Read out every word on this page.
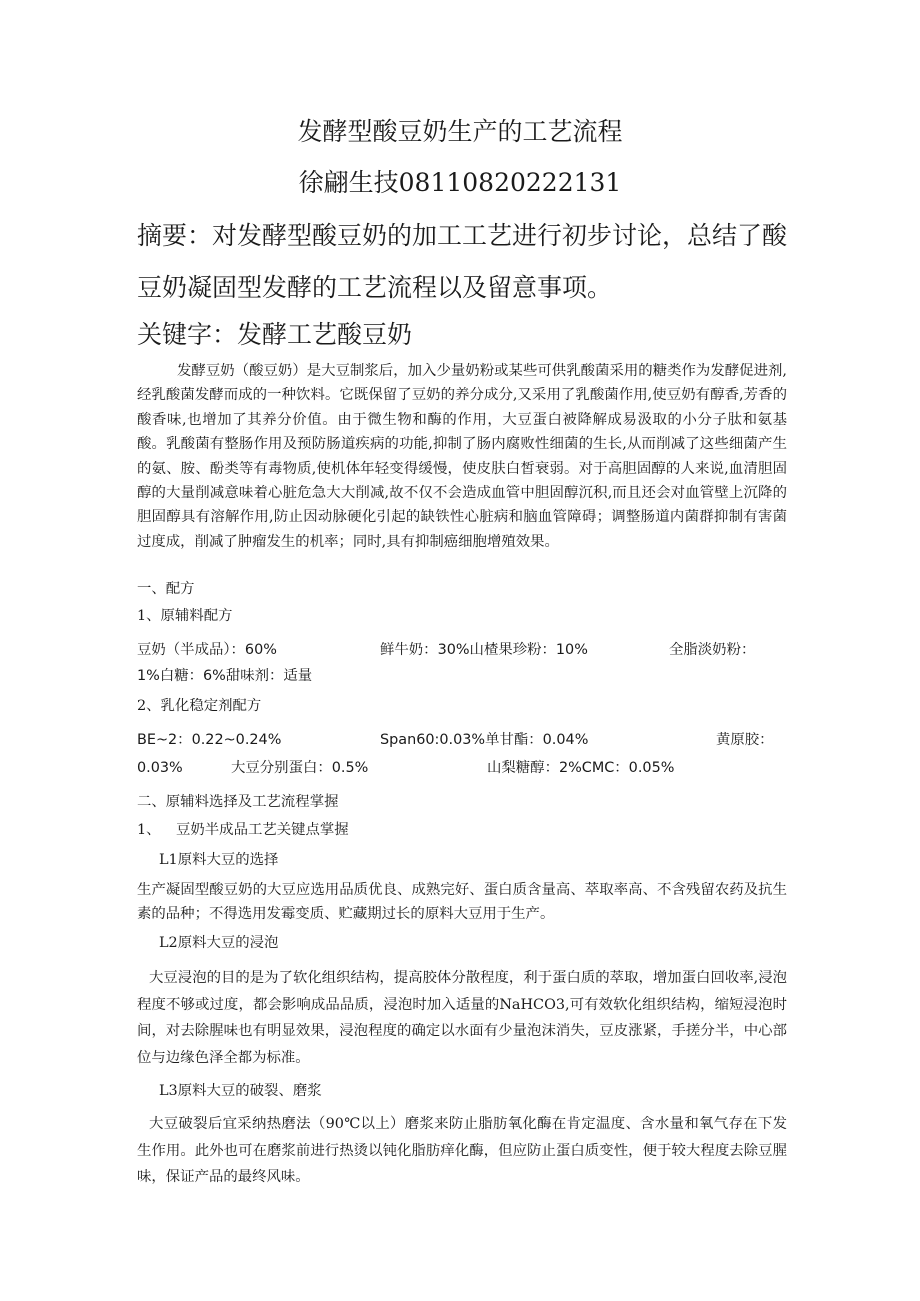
发酵型酸豆奶生产的工艺流程
徐翩生技08110820222131
摘要：对发酵型酸豆奶的加工工艺进行初步讨论，总结了酸豆奶凝固型发酵的工艺流程以及留意事项。
关键字：发酵工艺酸豆奶
发酵豆奶（酸豆奶）是大豆制浆后，加入少量奶粉或某些可供乳酸菌采用的糖类作为发酵促进剂,经乳酸菌发酵而成的一种饮料。它既保留了豆奶的养分成分,又采用了乳酸菌作用,使豆奶有醇香,芳香的酸香味,也增加了其养分价值。由于微生物和酶的作用，大豆蛋白被降解成易汲取的小分子肽和氨基酸。乳酸菌有整肠作用及预防肠道疾病的功能,抑制了肠内腐败性细菌的生长,从而削减了这些细菌产生的氨、胺、酚类等有毒物质,使机体年轻变得缓慢，使皮肤白皙衰弱。对于高胆固醇的人来说,血清胆固醇的大量削减意味着心脏危急大大削减,故不仅不会造成血管中胆固醇沉积,而且还会对血管壁上沉降的胆固醇具有溶解作用,防止因动脉硬化引起的缺铁性心脏病和脑血管障碍；调整肠道内菌群抑制有害菌过度成，削减了肿瘤发生的机率；同时,具有抑制癌细胞增殖效果。
一、配方
1、原辅料配方
豆奶（半成品）：60%	鲜牛奶：30%山楂果珍粉：10%	全脂淡奶粉：
1%白糖：6%甜味剂：适量
2、乳化稳定剂配方
BE~2：0.22~0.24%	Span60:0.03%单甘酯：0.04%	黄原胶：
0.03%	大豆分别蛋白：0.5%	山梨糖醇：2%CMC：0.05%
二、原辅料选择及工艺流程掌握
1、 豆奶半成品工艺关键点掌握
L1原料大豆的选择
生产凝固型酸豆奶的大豆应选用品质优良、成熟完好、蛋白质含量高、萃取率高、不含残留农药及抗生素的品种；不得选用发霉变质、贮藏期过长的原料大豆用于生产。
L2原料大豆的浸泡
大豆浸泡的目的是为了软化组织结构，提高胶体分散程度，利于蛋白质的萃取，增加蛋白回收率,浸泡程度不够或过度，都会影响成品品质，浸泡时加入适量的NaHCO3,可有效软化组织结构，缩短浸泡时间，对去除腥味也有明显效果，浸泡程度的确定以水面有少量泡沫消失，豆皮涨紧，手搓分半，中心部位与边缘色泽全都为标准。
L3原料大豆的破裂、磨浆
大豆破裂后宜采纳热磨法（90℃以上）磨浆来防止脂肪氧化酶在肯定温度、含水量和氧气存在下发生作用。此外也可在磨浆前进行热烫以钝化脂肪痒化酶，但应防止蛋白质变性，便于较大程度去除豆腥味，保证产品的最终风味。
